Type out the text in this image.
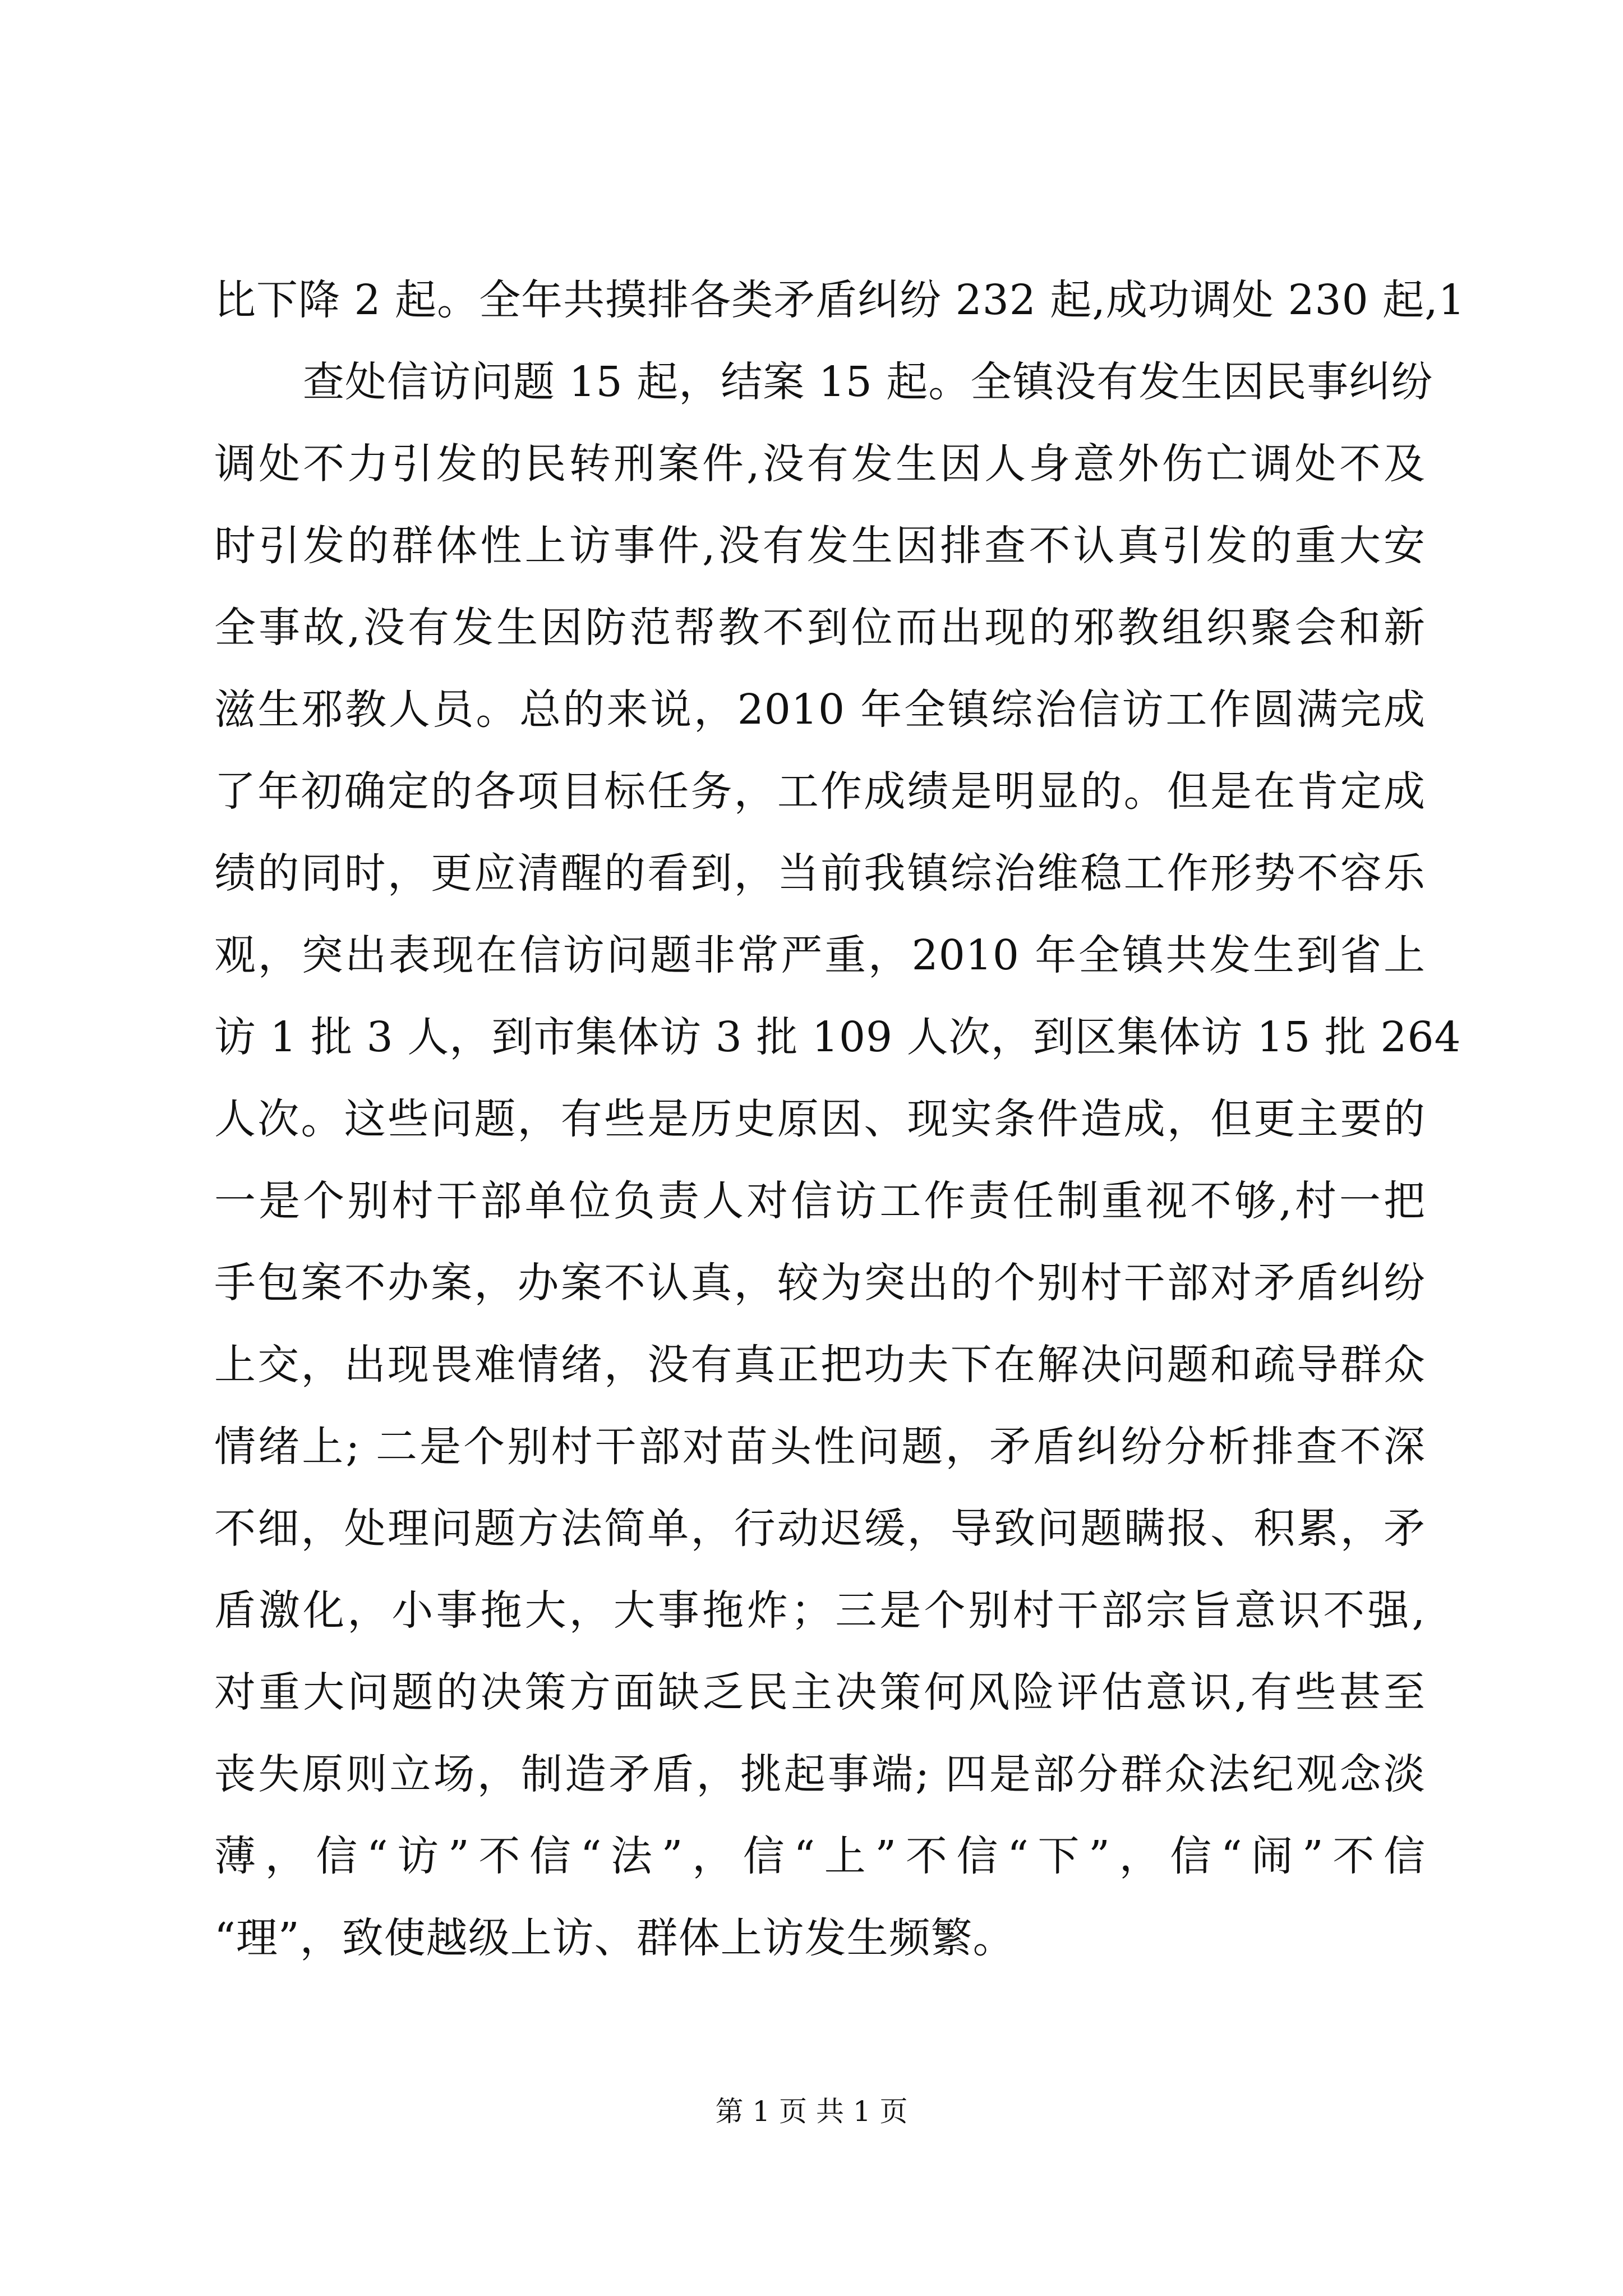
比下降 2 起。全年共摸排各类矛盾纠纷 232 起,成功调处 230 起,1
查处信访问题 15 起，结案 15 起。全镇没有发生因民事纠纷
调处不力引发的民转刑案件,没有发生因人身意外伤亡调处不及
时引发的群体性上访事件,没有发生因排查不认真引发的重大安
全事故,没有发生因防范帮教不到位而出现的邪教组织聚会和新
滋生邪教人员。总的来说，2010 年全镇综治信访工作圆满完成
了年初确定的各项目标任务，工作成绩是明显的。但是在肯定成
绩的同时，更应清醒的看到，当前我镇综治维稳工作形势不容乐
观，突出表现在信访问题非常严重，2010 年全镇共发生到省上
访 1 批 3 人，到市集体访 3 批 109 人次，到区集体访 15 批 264
人次。这些问题，有些是历史原因、现实条件造成，但更主要的
一是个别村干部单位负责人对信访工作责任制重视不够,村一把
手包案不办案，办案不认真，较为突出的个别村干部对矛盾纠纷
上交，出现畏难情绪，没有真正把功夫下在解决问题和疏导群众
情绪上; 二是个别村干部对苗头性问题，矛盾纠纷分析排查不深
不细，处理问题方法简单，行动迟缓，导致问题瞒报、积累，矛
盾激化，小事拖大，大事拖炸；三是个别村干部宗旨意识不强,
对重大问题的决策方面缺乏民主决策何风险评估意识,有些甚至
丧失原则立场，制造矛盾，挑起事端; 四是部分群众法纪观念淡
薄，信“访”不信“法”，信“上”不信“下”，信“闹”不信
“理”，致使越级上访、群体上访发生频繁。
第 1 页 共 1 页
